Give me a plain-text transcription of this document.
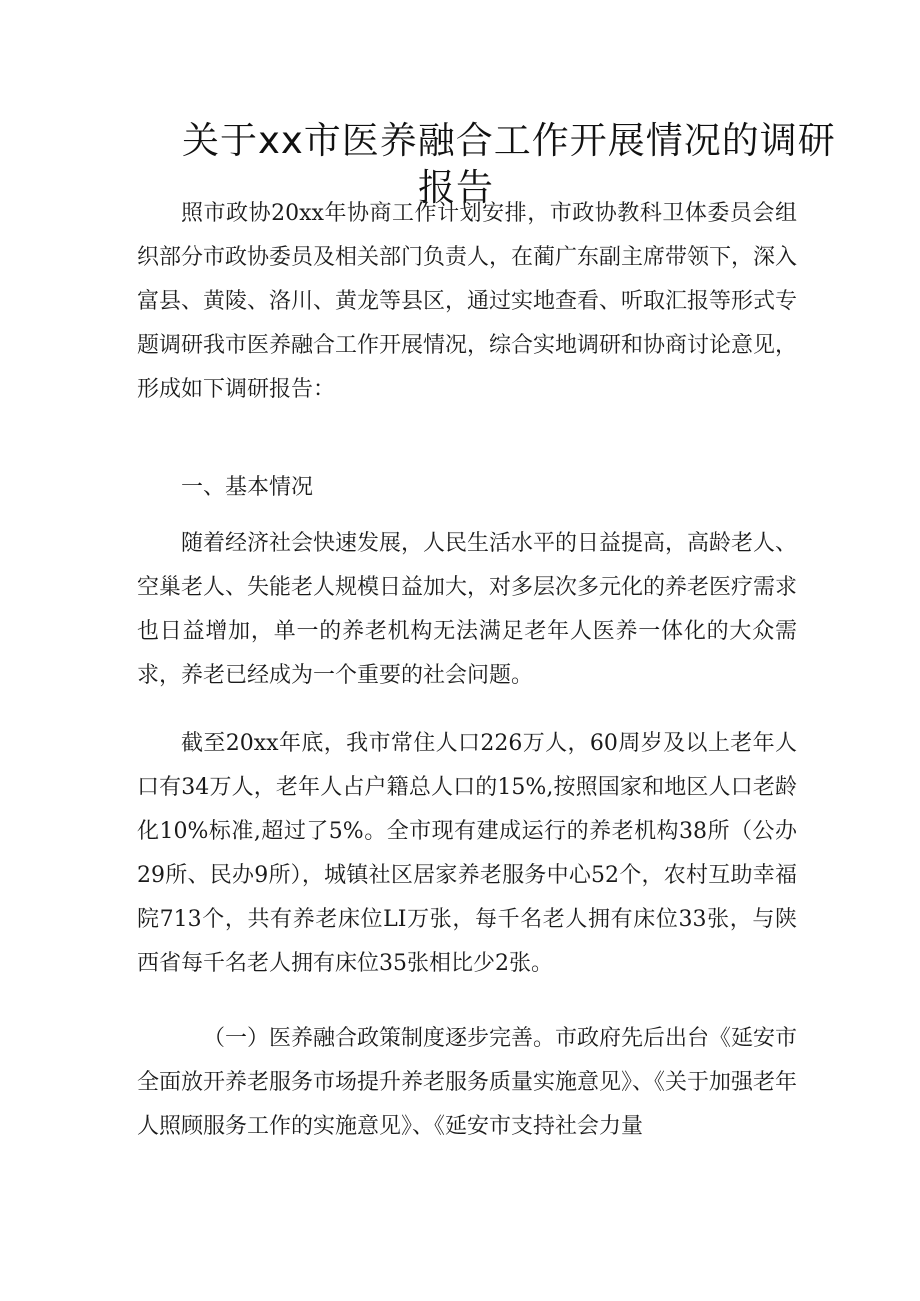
关于xx市医养融合工作开展情况的调研
报告

照市政协20xx年协商工作计划安排，市政协教科卫体委员会组织部分市政协委员及相关部门负责人，在蔺广东副主席带领下，深入富县、黄陵、洛川、黄龙等县区，通过实地查看、听取汇报等形式专题调研我市医养融合工作开展情况，综合实地调研和协商讨论意见，形成如下调研报告：

一、基本情况

随着经济社会快速发展，人民生活水平的日益提高，高龄老人、空巢老人、失能老人规模日益加大，对多层次多元化的养老医疗需求也日益增加，单一的养老机构无法满足老年人医养一体化的大众需求，养老已经成为一个重要的社会问题。

截至20xx年底，我市常住人口226万人，60周岁及以上老年人口有34万人，老年人占户籍总人口的15%,按照国家和地区人口老龄化10%标准,超过了5%。全市现有建成运行的养老机构38所（公办29所、民办9所），城镇社区居家养老服务中心52个，农村互助幸福院713个，共有养老床位LI万张，每千名老人拥有床位33张，与陕西省每千名老人拥有床位35张相比少2张。

（一）医养融合政策制度逐步完善。市政府先后出台《延安市全面放开养老服务市场提升养老服务质量实施意见》、《关于加强老年人照顾服务工作的实施意见》、《延安市支持社会力量
